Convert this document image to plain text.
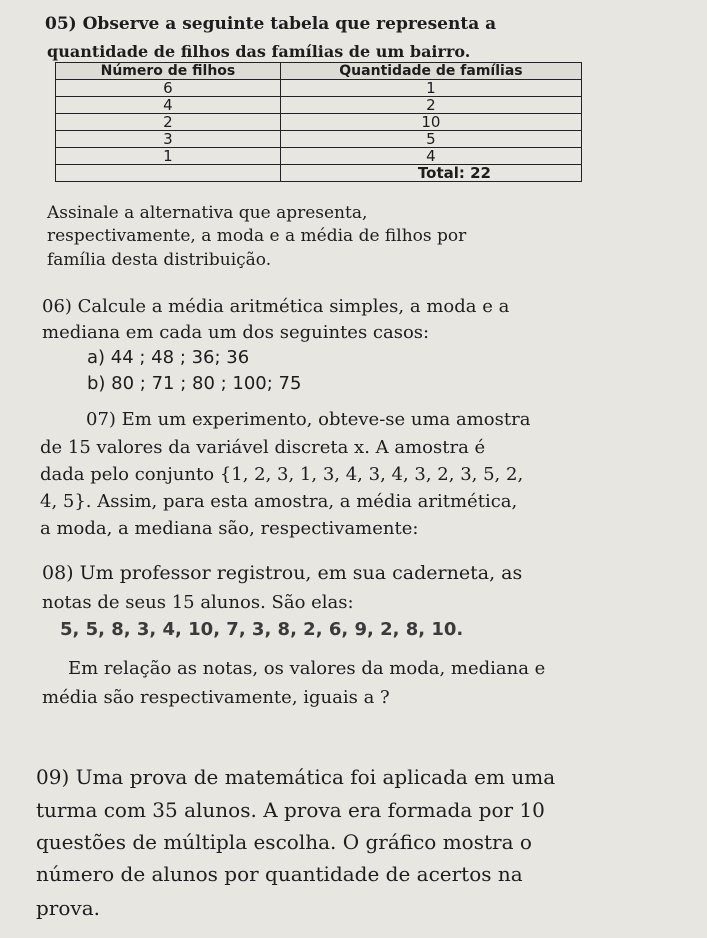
05) Observe a seguinte tabela que representa a
quantidade de filhos das famílias de um bairro.
Número de filhos	Quantidade de famílias
6	1
4	2
2	10
3	5
1	4
	Total: 22
Assinale a alternativa que apresenta,
respectivamente, a moda e a média de filhos por
família desta distribuição.
06) Calcule a média aritmética simples, a moda e a
mediana em cada um dos seguintes casos:
a) 44 ; 48 ; 36; 36
b) 80 ; 71 ; 80 ; 100; 75
07) Em um experimento, obteve-se uma amostra
de 15 valores da variável discreta x. A amostra é
dada pelo conjunto {1, 2, 3, 1, 3, 4, 3, 4, 3, 2, 3, 5, 2,
4, 5}. Assim, para esta amostra, a média aritmética,
a moda, a mediana são, respectivamente:
08) Um professor registrou, em sua caderneta, as
notas de seus 15 alunos. São elas:
5, 5, 8, 3, 4, 10, 7, 3, 8, 2, 6, 9, 2, 8, 10.
Em relação as notas, os valores da moda, mediana e
média são respectivamente, iguais a ?
09) Uma prova de matemática foi aplicada em uma
turma com 35 alunos. A prova era formada por 10
questões de múltipla escolha. O gráfico mostra o
número de alunos por quantidade de acertos na
prova.
